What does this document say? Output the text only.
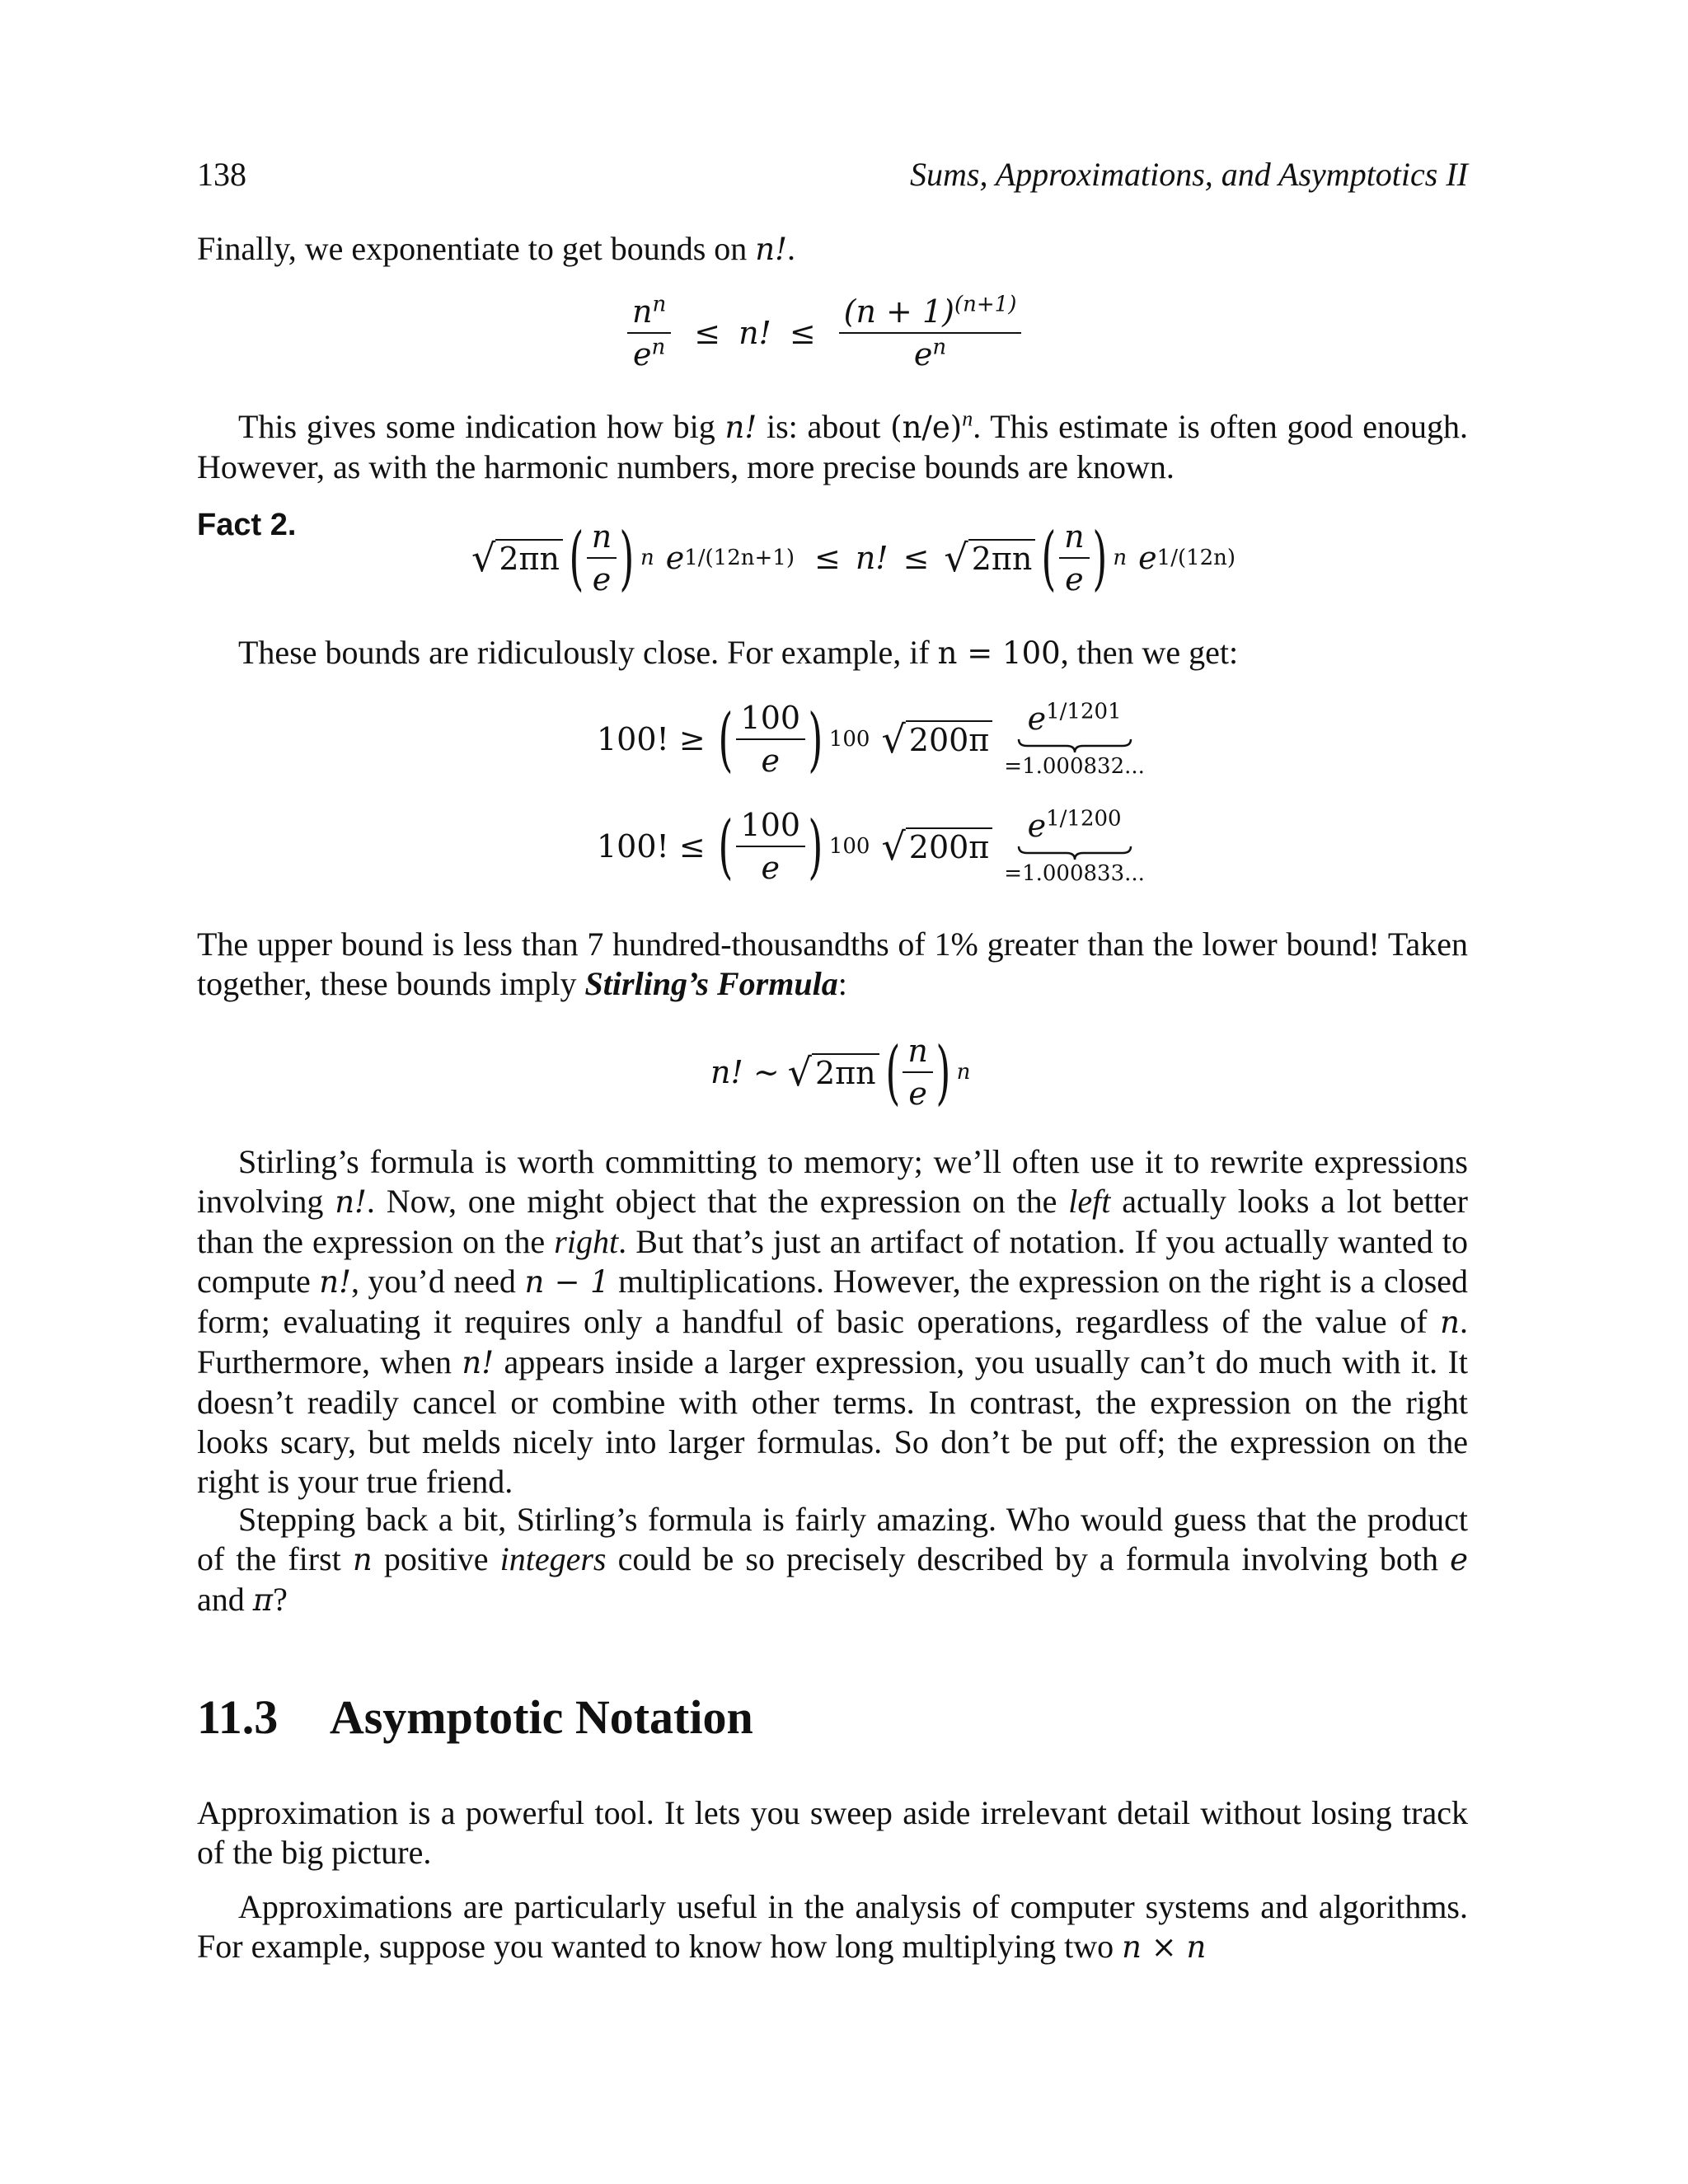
138	Sums, Approximations, and Asymptotics II
Finally, we exponentiate to get bounds on n!.
$\frac{n^n}{e^n} \le n$! ≤ $\frac{(n + 1)^{(n+1)}}{e^n}$
This gives some indication how big n! is: about $(n/e)^n$. This estimate is often good enough. However, as with the harmonic numbers, more precise bounds are known.
Fact 2.
√ 2πn ( $\frac{n}{e}$ ) n e 1/(12n+1) ≤ n! ≤ √ 2πn ( $\frac{n}{e}$ ) n e 1/(12n)
These bounds are ridiculously close. For example, if n = 100, then we get:
100! ≥ ( $\frac{100}{e}$ ) 100 √ 200π
$e^{1/1201}$
=1.000832...
100! ≤ ( $\frac{100}{e}$ ) 100 √ 200π
$e^{1/1200}$
=1.000833...
The upper bound is less than 7 hundred-thousandths of 1% greater than the lower bound! Taken together, these bounds imply Stirling’s Formula:
n! ∼ √ 2πn ( $\frac{n}{e}$ ) n
Stirling’s formula is worth committing to memory; we’ll often use it to rewrite expressions involving n!. Now, one might object that the expression on the left actually looks a lot better than the expression on the right. But that’s just an artifact of notation. If you actually wanted to compute n!, you’d need n − 1 multiplications. However, the expression on the right is a closed form; evaluating it requires only a handful of basic operations, regardless of the value of n. Furthermore, when n! appears inside a larger expression, you usually can’t do much with it. It doesn’t readily cancel or combine with other terms. In contrast, the expression on the right looks scary, but melds nicely into larger formulas. So don’t be put off; the expression on the right is your true friend.
Stepping back a bit, Stirling’s formula is fairly amazing. Who would guess that the product of the first n positive integers could be so precisely described by a formula involving both e and π?
11.3 Asymptotic Notation
Approximation is a powerful tool. It lets you sweep aside irrelevant detail without losing track of the big picture.
Approximations are particularly useful in the analysis of computer systems and algorithms. For example, suppose you wanted to know how long multiplying two n × n
